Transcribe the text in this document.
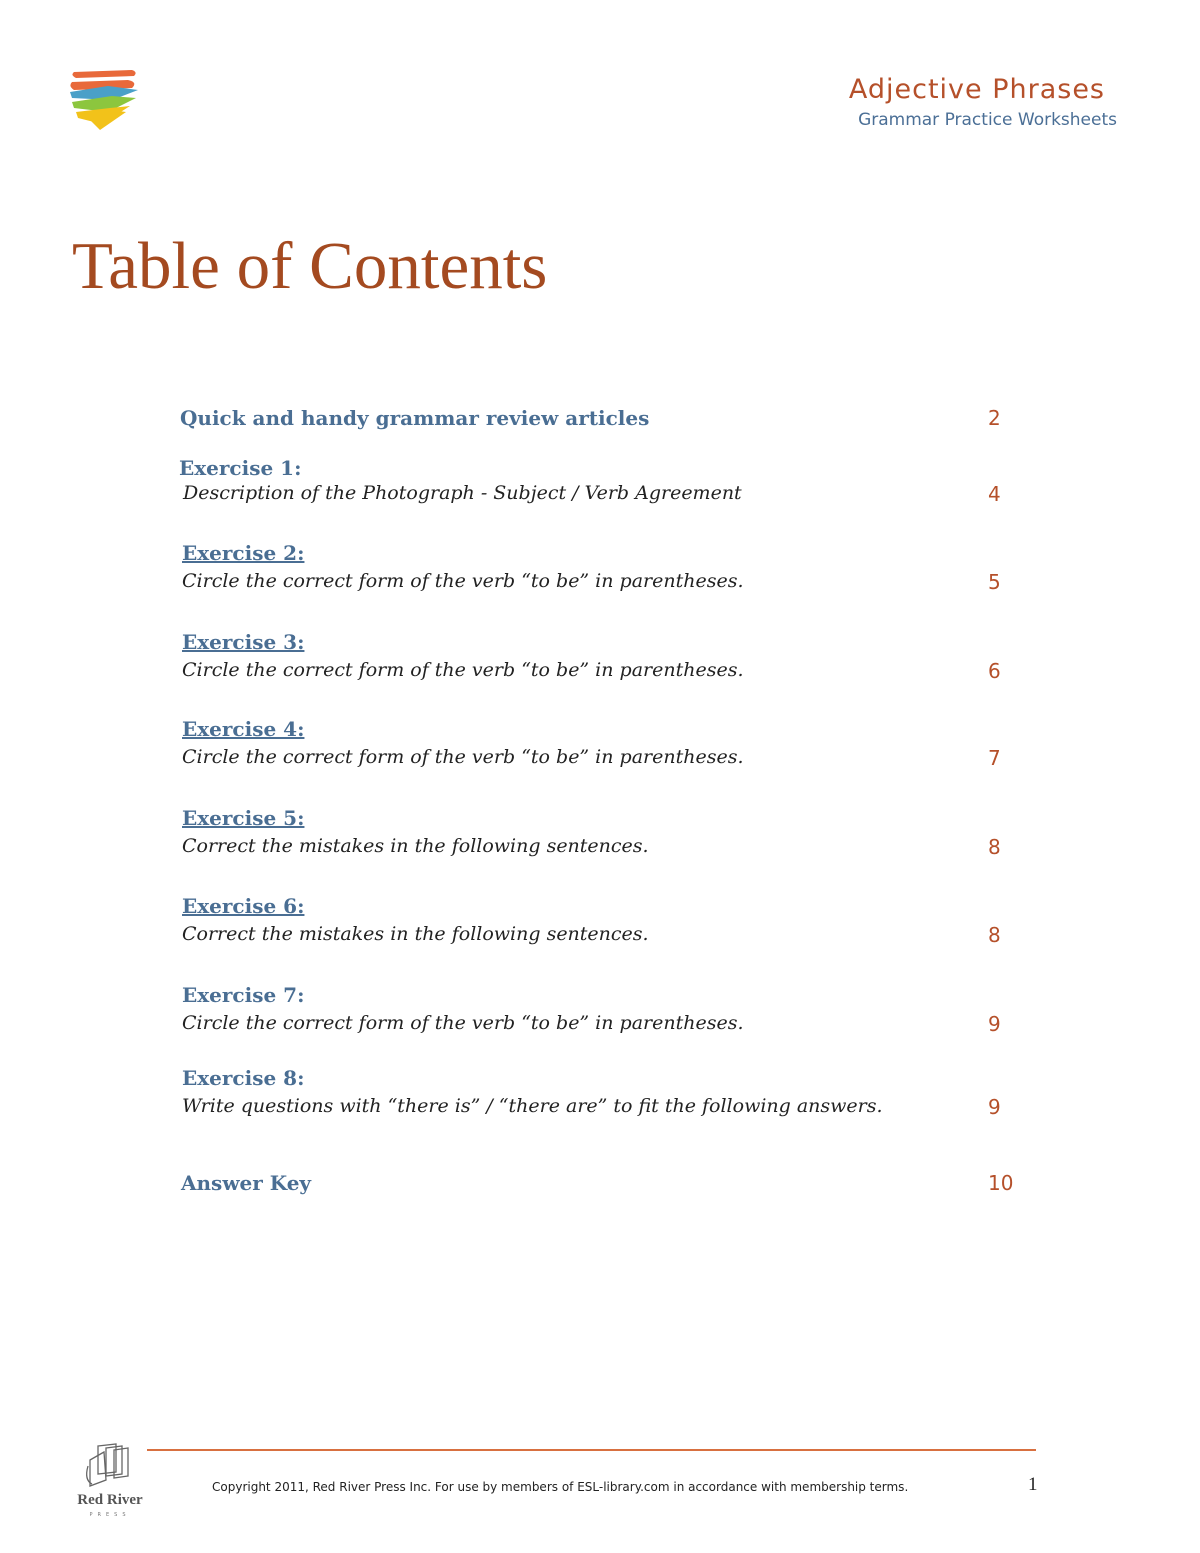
Adjective Phrases
Grammar Practice Worksheets
Table of Contents
Quick and handy grammar review articles	2
Exercise 1:
Description of the Photograph - Subject / Verb Agreement	4
Exercise 2:
Circle the correct form of the verb “to be” in parentheses.	5
Exercise 3:
Circle the correct form of the verb “to be” in parentheses.	6
Exercise 4:
Circle the correct form of the verb “to be” in parentheses.	7
Exercise 5:
Correct the mistakes in the following sentences.	8
Exercise 6:
Correct the mistakes in the following sentences.	8
Exercise 7:
Circle the correct form of the verb “to be” in parentheses.	9
Exercise 8:
Write questions with “there is” / “there are” to fit the following answers.	9
Answer Key	10
Red River
PRESS
Copyright 2011, Red River Press Inc. For use by members of ESL-library.com in accordance with membership terms.	1
